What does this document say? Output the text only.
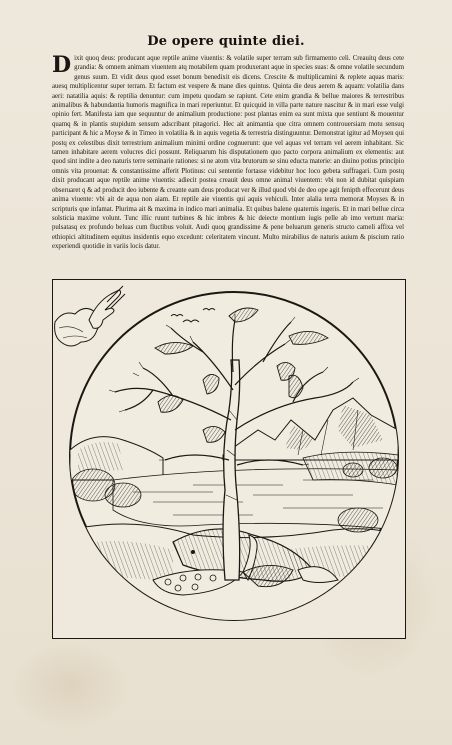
De opere quinte diei.
Dixit quoq deus: producant aque reptile anime viuentis: & volatile super terram sub firmamento celi. Creauitq deus cete grandia: & omnem animam viuentem atq motabilem quam produxerant aque in species suas: & omne volatile secundum genus suum. Et vidit deus quod esset bonum benedixit eis dicens. Crescite & multiplicamini & replete aquas maris: auesq multiplicentur super terram. Et factum est vespere & mane dies quintus. Quinta die deus aerem & aquam: volatilia dans aeri: natatilia aquis: & reptilia denuntur: cum impetu quodam se rapiunt. Cete enim grandia & bellue maiores & terrestribus animalibus & habundantia humoris magnifica in mari reperiuntur. Et quicquid in villa parte nature nascitur & in mari esse vulgi opinio fert. Manifesta iam que sequuntur de animalium productione: post plantas enim ea sunt mixta que sentiunt & mouentur quamq & in plantis stupidum sensum adscribant pitagorici. Hec ait animantia que citra omnem controuersiam motu sensuq participant & hic a Moyse & in Timeo in volatilia & in aquis vegetia & terrestria distinguuntur. Demonstrat igitur ad Moysen qui postq ex celestibus dixit terrestrium animalium minimi ordine cognuerunt: que vel aquas vel terram vel aerem inhabitant. Sic tamen inhabitare aerem volucres dici possunt. Reliquarum his disputationem quo pacto corpora animalium ex elementis: aut quod sint indite a deo naturis terre seminarie rationes: si ne atom vita brutorum se sinu educta materie: an diuino potius principio omnis vita prouenat: & constantissime afferit Plotinus: cui sententie fortasse videbitur hoc loco gebeta suffragari. Cum postq dixit producant aque reptile anime viuentis: adiecit postea creauit deus omne animal viuentem: vbi non id dubitat quispiam obseruaret q & ad producit deo iubente & creante eam deus producat ver & illud quod vbi de deo ope agit fenipth effecerunt deus anima viuente: vbi ait de aqua non aiam. Et reptile aie viuentis qui aquis vehiculi. Inter alalia terra memorat Moyses & in scripturis que infamat. Plurima ait & maxima in indico mari animalia. Et quibus balene quaternis iugeris. Et in mari bellue circa solsticia maxime volunt. Tunc illic ruunt turbines & hic imbres & hic deiecte montium iugis pelle ab imo vertunt maria: pulsatasq ex profundo beluas cum fluctibus voluit. Audi quoq grandissime & pene beluarum generis structo cameli affixa vel ethiopici altitudinem equitus insidentis equo excedunt: celeritatem vincunt. Multo mirabilius de naturis auium & piscium ratio experiendi quotidie in variis locis datur.
